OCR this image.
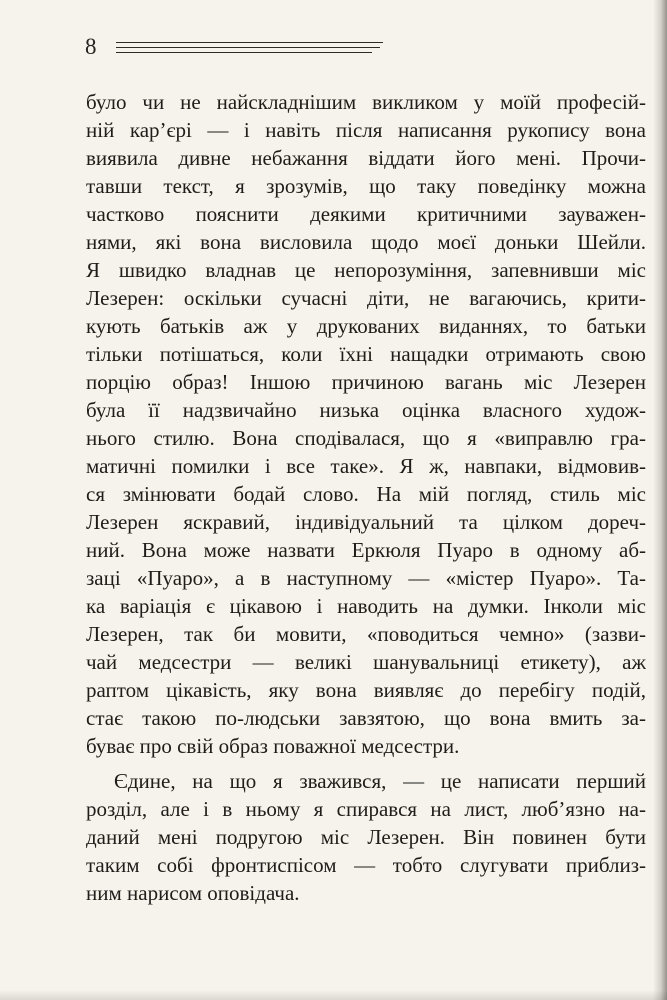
8
було чи не найскладнішим викликом у моїй професій-
ній кар’єрі — і навіть після написання рукопису вона
виявила дивне небажання віддати його мені. Прочи-
тавши текст, я зрозумів, що таку поведінку можна
частково пояснити деякими критичними зауважен-
нями, які вона висловила щодо моєї доньки Шейли.
Я швидко владнав це непорозуміння, запевнивши міс
Лезерен: оскільки сучасні діти, не вагаючись, крити-
кують батьків аж у друкованих виданнях, то батьки
тільки потішаться, коли їхні нащадки отримають свою
порцію образ! Іншою причиною вагань міс Лезерен
була її надзвичайно низька оцінка власного худож-
нього стилю. Вона сподівалася, що я «виправлю гра-
матичні помилки і все таке». Я ж, навпаки, відмовив-
ся змінювати бодай слово. На мій погляд, стиль міс
Лезерен яскравий, індивідуальний та цілком дореч-
ний. Вона може назвати Еркюля Пуаро в одному аб-
заці «Пуаро», а в наступному — «містер Пуаро». Та-
ка варіація є цікавою і наводить на думки. Інколи міс
Лезерен, так би мовити, «поводиться чемно» (зазви-
чай медсестри — великі шанувальниці етикету), аж
раптом цікавість, яку вона виявляє до перебігу подій,
стає такою по-людськи завзятою, що вона вмить за-
буває про свій образ поважної медсестри.
Єдине, на що я зважився, — це написати перший
розділ, але і в ньому я спирався на лист, люб’язно на-
даний мені подругою міс Лезерен. Він повинен бути
таким собі фронтиспісом — тобто слугувати приблиз-
ним нарисом оповідача.
